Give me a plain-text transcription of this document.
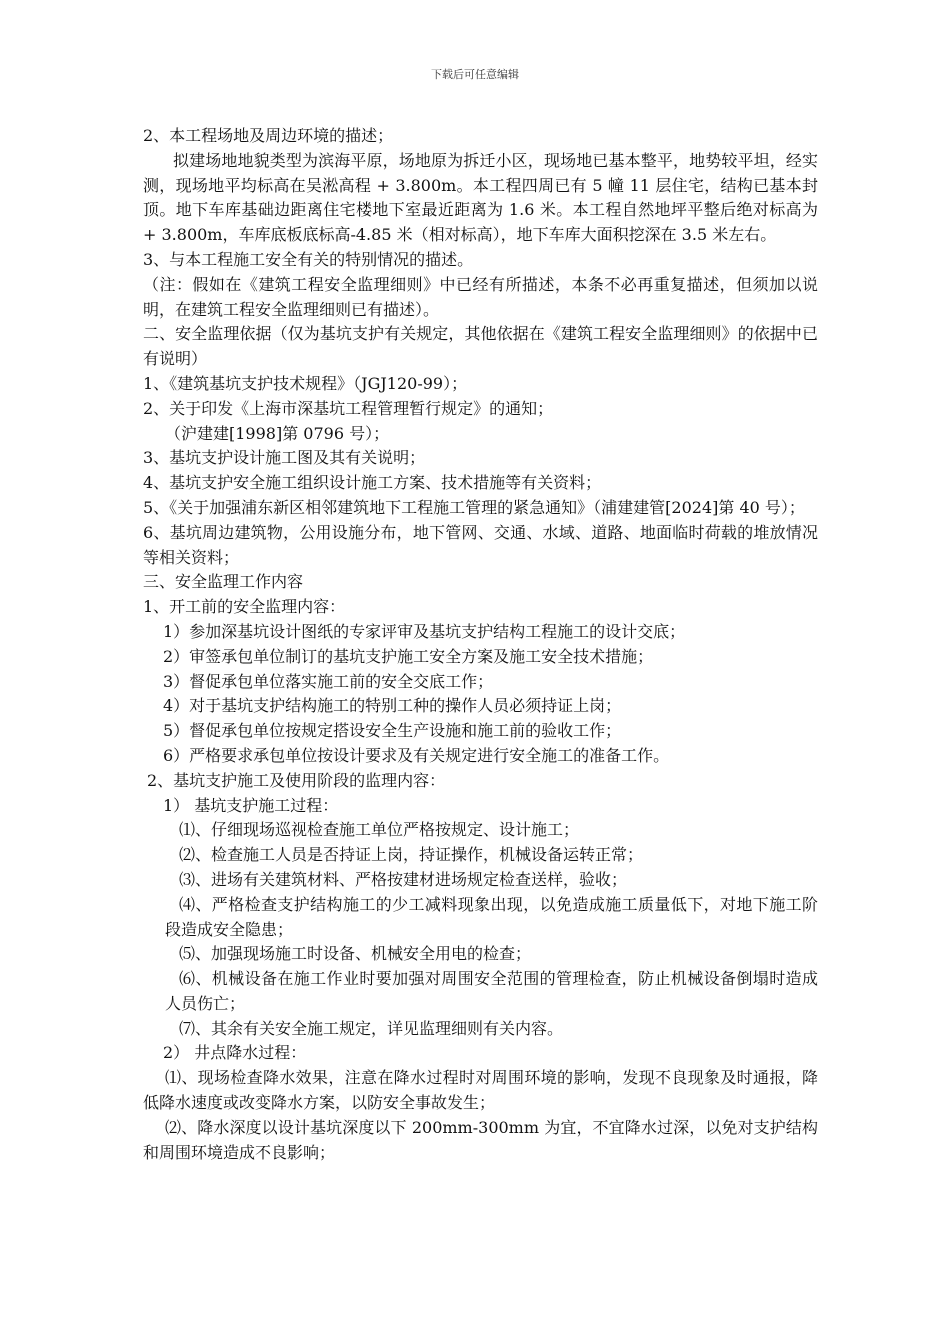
下载后可任意编辑
2、本工程场地及周边环境的描述；
拟建场地地貌类型为滨海平原，场地原为拆迁小区，现场地已基本整平，地势较平坦，经实测，现场地平均标高在吴淞高程 + 3.800m。本工程四周已有 5 幢 11 层住宅，结构已基本封顶。地下车库基础边距离住宅楼地下室最近距离为 1.6 米。本工程自然地坪平整后绝对标高为 + 3.800m，车库底板底标高-4.85 米（相对标高），地下车库大面积挖深在 3.5 米左右。
3、与本工程施工安全有关的特别情况的描述。
（注：假如在《建筑工程安全监理细则》中已经有所描述，本条不必再重复描述，但须加以说明，在建筑工程安全监理细则已有描述）。
二、安全监理依据（仅为基坑支护有关规定，其他依据在《建筑工程安全监理细则》的依据中已有说明）
1、《建筑基坑支护技术规程》（JGJ120-99）；
2、关于印发《上海市深基坑工程管理暂行规定》的通知；
（沪建建[1998]第 0796 号）；
3、基坑支护设计施工图及其有关说明；
4、基坑支护安全施工组织设计施工方案、技术措施等有关资料；
5、《关于加强浦东新区相邻建筑地下工程施工管理的紧急通知》（浦建建管[2024]第 40 号）；
6、基坑周边建筑物，公用设施分布，地下管网、交通、水域、道路、地面临时荷载的堆放情况等相关资料；
三、安全监理工作内容
1、开工前的安全监理内容：
1）参加深基坑设计图纸的专家评审及基坑支护结构工程施工的设计交底；
2）审签承包单位制订的基坑支护施工安全方案及施工安全技术措施；
3）督促承包单位落实施工前的安全交底工作；
4）对于基坑支护结构施工的特别工种的操作人员必须持证上岗；
5）督促承包单位按规定搭设安全生产设施和施工前的验收工作；
6）严格要求承包单位按设计要求及有关规定进行安全施工的准备工作。
2、基坑支护施工及使用阶段的监理内容：
1） 基坑支护施工过程：
⑴、仔细现场巡视检查施工单位严格按规定、设计施工；
⑵、检查施工人员是否持证上岗，持证操作，机械设备运转正常；
⑶、进场有关建筑材料、严格按建材进场规定检查送样，验收；
⑷、严格检查支护结构施工的少工减料现象出现，以免造成施工质量低下，对地下施工阶段造成安全隐患；
⑸、加强现场施工时设备、机械安全用电的检查；
⑹、机械设备在施工作业时要加强对周围安全范围的管理检查，防止机械设备倒塌时造成人员伤亡；
⑺、其余有关安全施工规定，详见监理细则有关内容。
2） 井点降水过程：
⑴、现场检查降水效果，注意在降水过程时对周围环境的影响，发现不良现象及时通报，降低降水速度或改变降水方案，以防安全事故发生；
⑵、降水深度以设计基坑深度以下 200mm-300mm 为宜，不宜降水过深，以免对支护结构和周围环境造成不良影响；
